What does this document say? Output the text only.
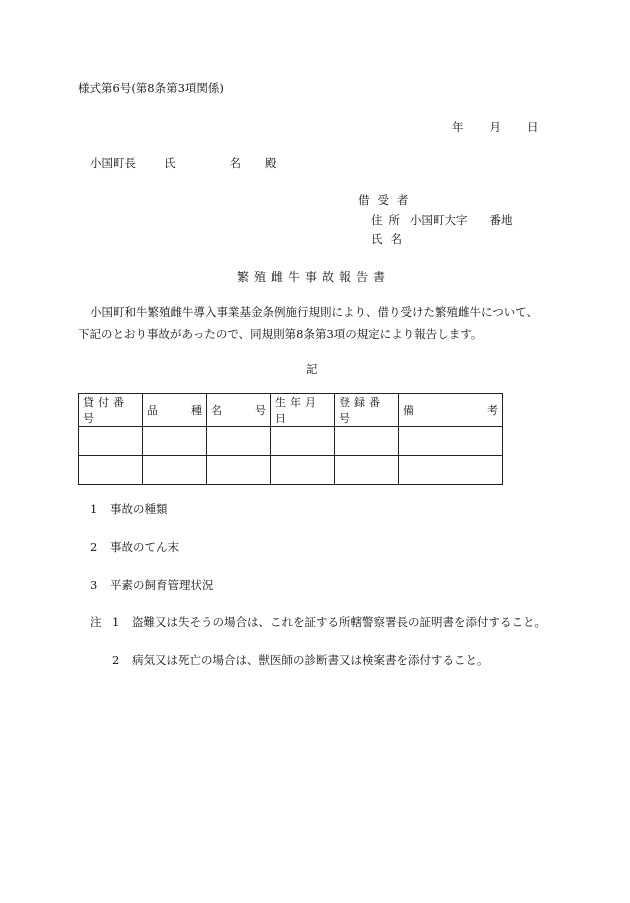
様式第6号(第8条第3項関係)
年 月 日
小国町長 氏	名 殿
借受者
住所 小国町大字 番地
氏名
繁殖雌牛事故報告書

小国町和牛繁殖雌牛導入事業基金条例施行規則により、借り受けた繁殖雌牛について、

下記のとおり事故があったので、同規則第8条第3項の規定により報告します。

記
貸付番号	品 種	名 号	生年月日	登録番号	備 考

1 事故の種類
2 事故のてん末
3 平素の飼育管理状況
注 1 盗難又は失そうの場合は、これを証する所轄警察署長の証明書を添付すること。
2 病気又は死亡の場合は、獣医師の診断書又は検案書を添付すること。
